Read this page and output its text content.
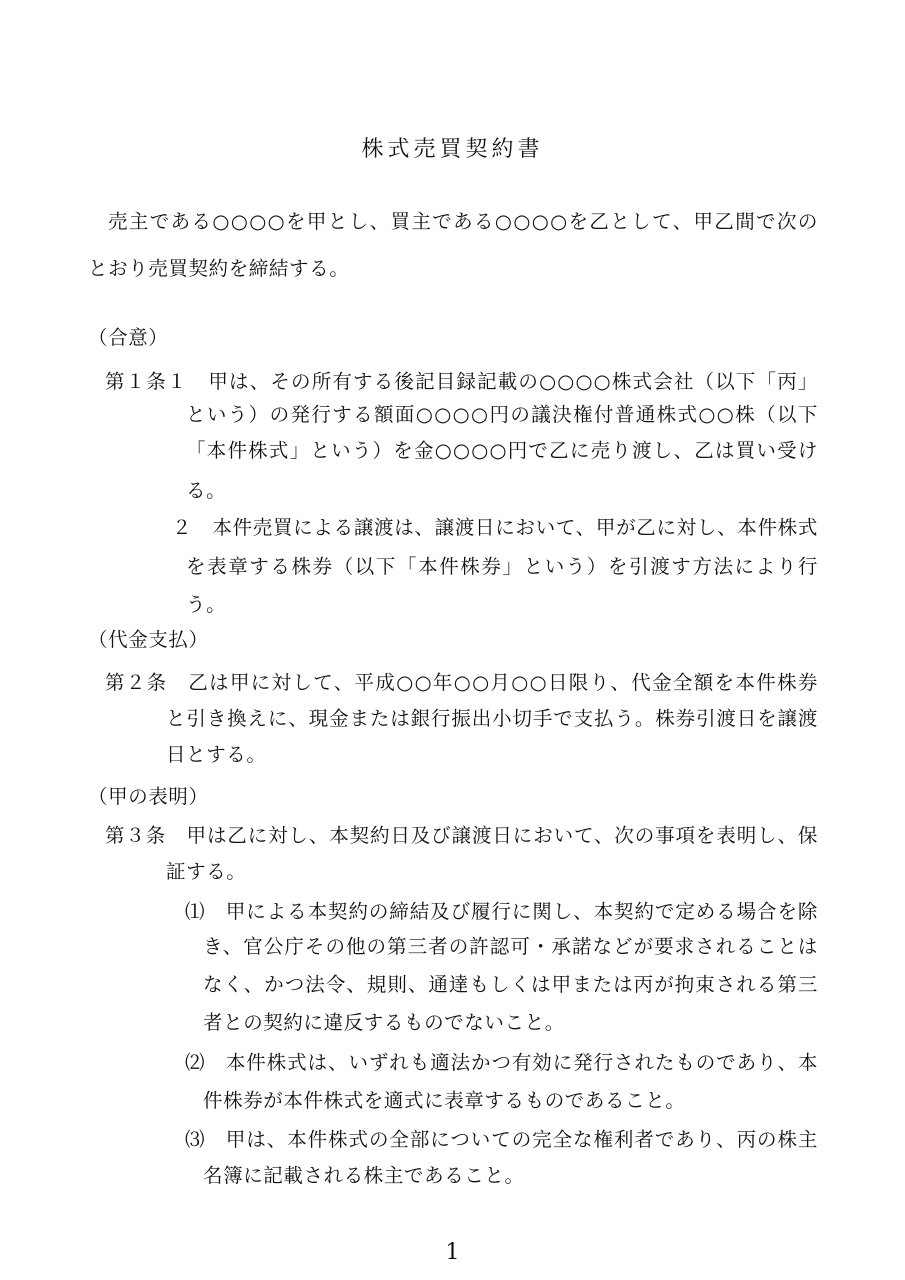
株式売買契約書

売主である○○○○を甲とし、買主である○○○○を乙として、甲乙間で次の

とおり売買契約を締結する。

（合意）

第１条１　甲は、その所有する後記目録記載の○○○○株式会社（以下「丙」

という）の発行する額面○○○○円の議決権付普通株式○○株（以下

「本件株式」という）を金○○○○円で乙に売り渡し、乙は買い受け

る。

２　本件売買による譲渡は、譲渡日において、甲が乙に対し、本件株式

を表章する株券（以下「本件株券」という）を引渡す方法により行

う。

（代金支払）

第２条　乙は甲に対して、平成○○年○○月○○日限り、代金全額を本件株券

と引き換えに、現金または銀行振出小切手で支払う。株券引渡日を譲渡

日とする。

（甲の表明）

第３条　甲は乙に対し、本契約日及び譲渡日において、次の事項を表明し、保

証する。

⑴　甲による本契約の締結及び履行に関し、本契約で定める場合を除

き、官公庁その他の第三者の許認可・承諾などが要求されることは

なく、かつ法令、規則、通達もしくは甲または丙が拘束される第三

者との契約に違反するものでないこと。

⑵　本件株式は、いずれも適法かつ有効に発行されたものであり、本

件株券が本件株式を適式に表章するものであること。

⑶　甲は、本件株式の全部についての完全な権利者であり、丙の株主

名簿に記載される株主であること。

1
